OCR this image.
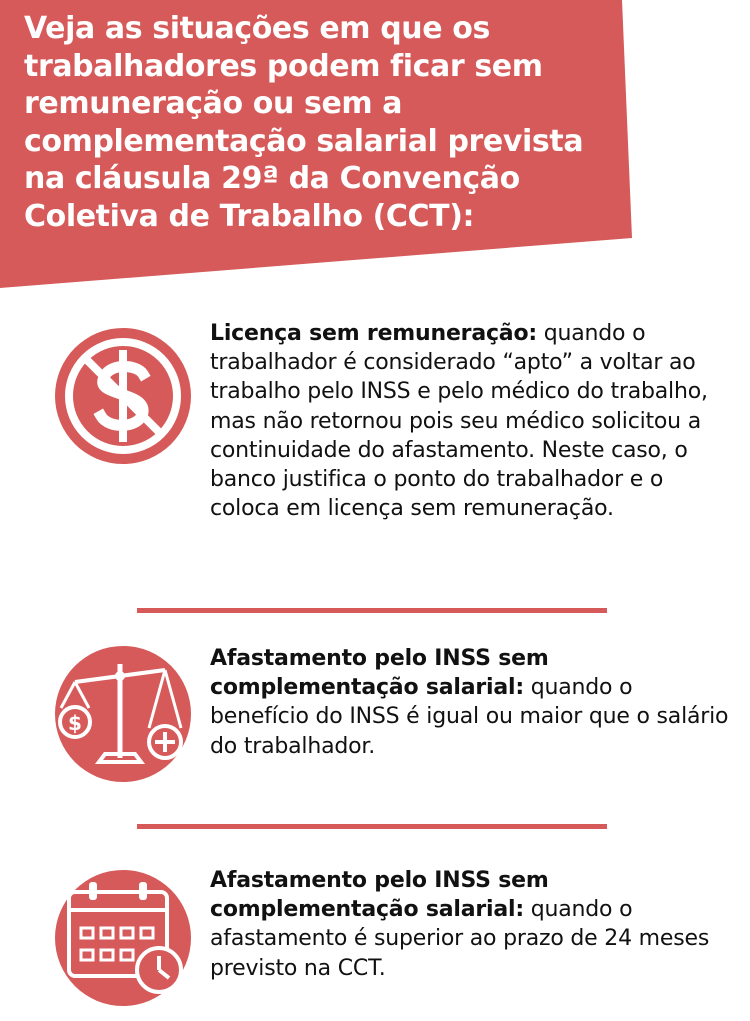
Veja as situações em que os trabalhadores podem ficar sem remuneração ou sem a complementação salarial prevista na cláusula 29ª da Convenção Coletiva de Trabalho (CCT):

Licença sem remuneração: quando o trabalhador é considerado “apto” a voltar ao trabalho pelo INSS e pelo médico do trabalho, mas não retornou pois seu médico solicitou a continuidade do afastamento. Neste caso, o banco justifica o ponto do trabalhador e o coloca em licença sem remuneração.

$

Afastamento pelo INSS sem complementação salarial: quando o benefício do INSS é igual ou maior que o salário do trabalhador.

Afastamento pelo INSS sem complementação salarial: quando o afastamento é superior ao prazo de 24 meses previsto na CCT.
